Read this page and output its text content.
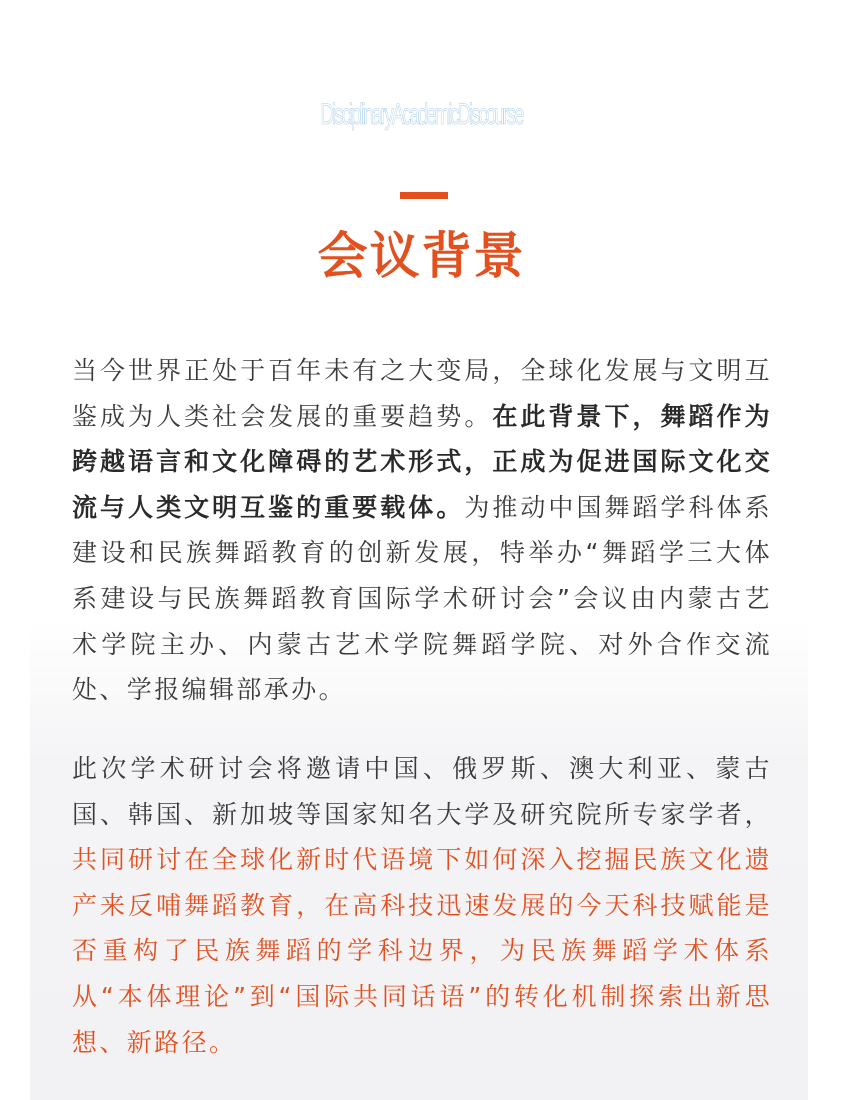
DisciplinaryAcademicDiscourse
会议背景

当今世界正处于百年未有之大变局，全球化发展与文明互鉴成为人类社会发展的重要趋势。在此背景下，舞蹈作为跨越语言和文化障碍的艺术形式，正成为促进国际文化交流与人类文明互鉴的重要载体。为推动中国舞蹈学科体系建设和民族舞蹈教育的创新发展，特举办“舞蹈学三大体系建设与民族舞蹈教育国际学术研讨会”会议由内蒙古艺术学院主办、内蒙古艺术学院舞蹈学院、对外合作交流处、学报编辑部承办。

此次学术研讨会将邀请中国、俄罗斯、澳大利亚、蒙古国、韩国、新加坡等国家知名大学及研究院所专家学者，共同研讨在全球化新时代语境下如何深入挖掘民族文化遗产来反哺舞蹈教育，在高科技迅速发展的今天科技赋能是否重构了民族舞蹈的学科边界，为民族舞蹈学术体系从“本体理论”到“国际共同话语”的转化机制探索出新思想、新路径。
